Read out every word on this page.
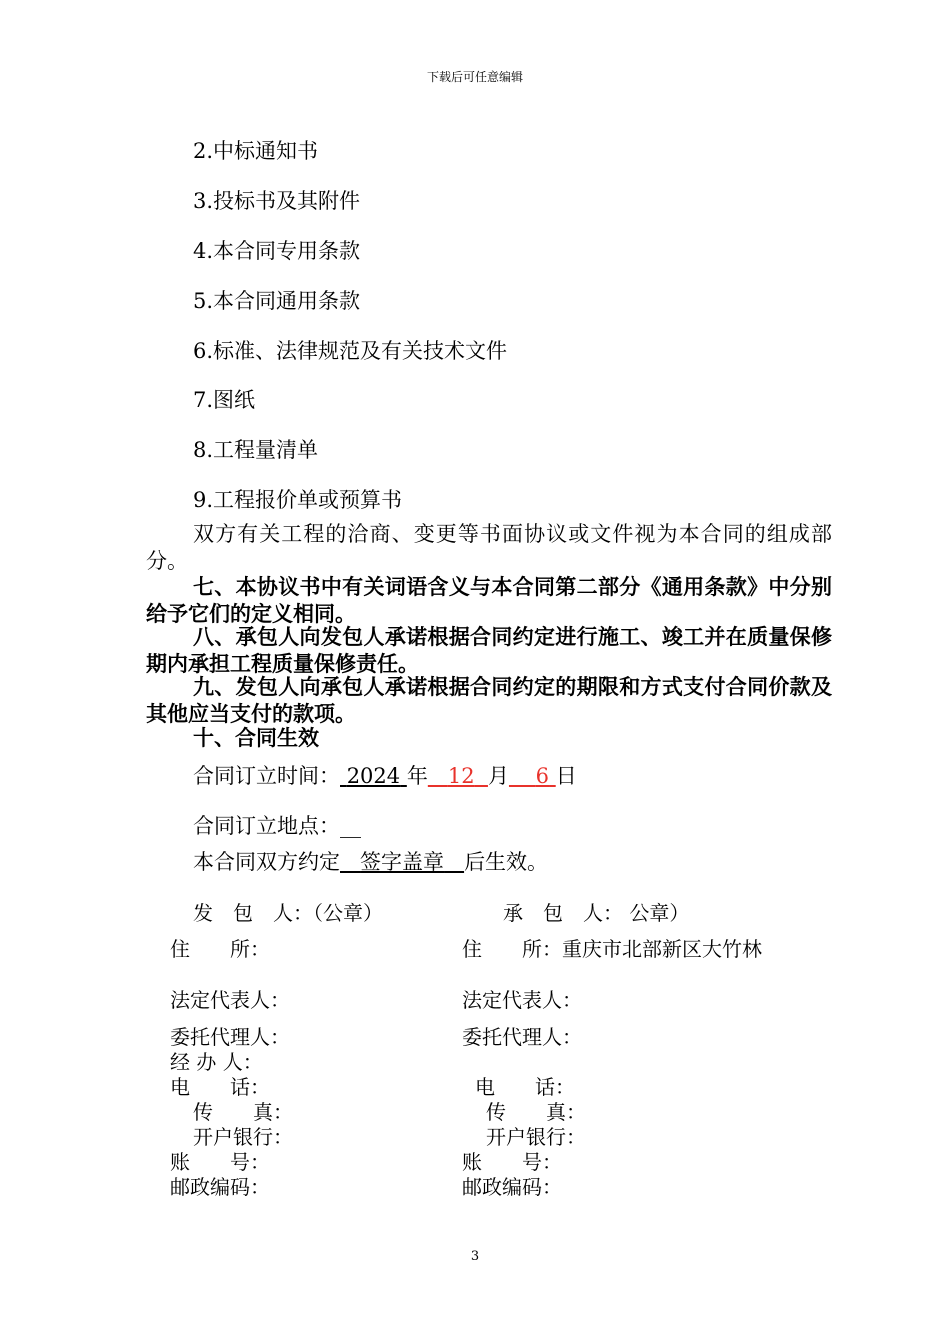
下载后可任意编辑
2.中标通知书
3.投标书及其附件
4.本合同专用条款
5.本合同通用条款
6.标准、法律规范及有关技术文件
7.图纸
8.工程量清单
9.工程报价单或预算书

双方有关工程的洽商、变更等书面协议或文件视为本合同的组成部分。

七、本协议书中有关词语含义与本合同第二部分《通用条款》中分别给予它们的定义相同。

八、承包人向发包人承诺根据合同约定进行施工、竣工并在质量保修期内承担工程质量保修责任。

九、发包人向承包人承诺根据合同约定的期限和方式支付合同价款及其他应当支付的款项。

十、合同生效
合同订立时间： 2024 年 12 月 6 日
合同订立地点：__
本合同双方约定 签字盖章 后生效。
发　包　人：（公章）
住　　所：
法定代表人：
委托代理人：
经 办 人：
电　　话：
传　　真：
开户银行：
账　　号：
邮政编码：
承　包　人： 公章）
住　　所：重庆市北部新区大竹林
法定代表人：
委托代理人：
电　　话：
传　　真：
开户银行：
账　　号：
邮政编码：
3
